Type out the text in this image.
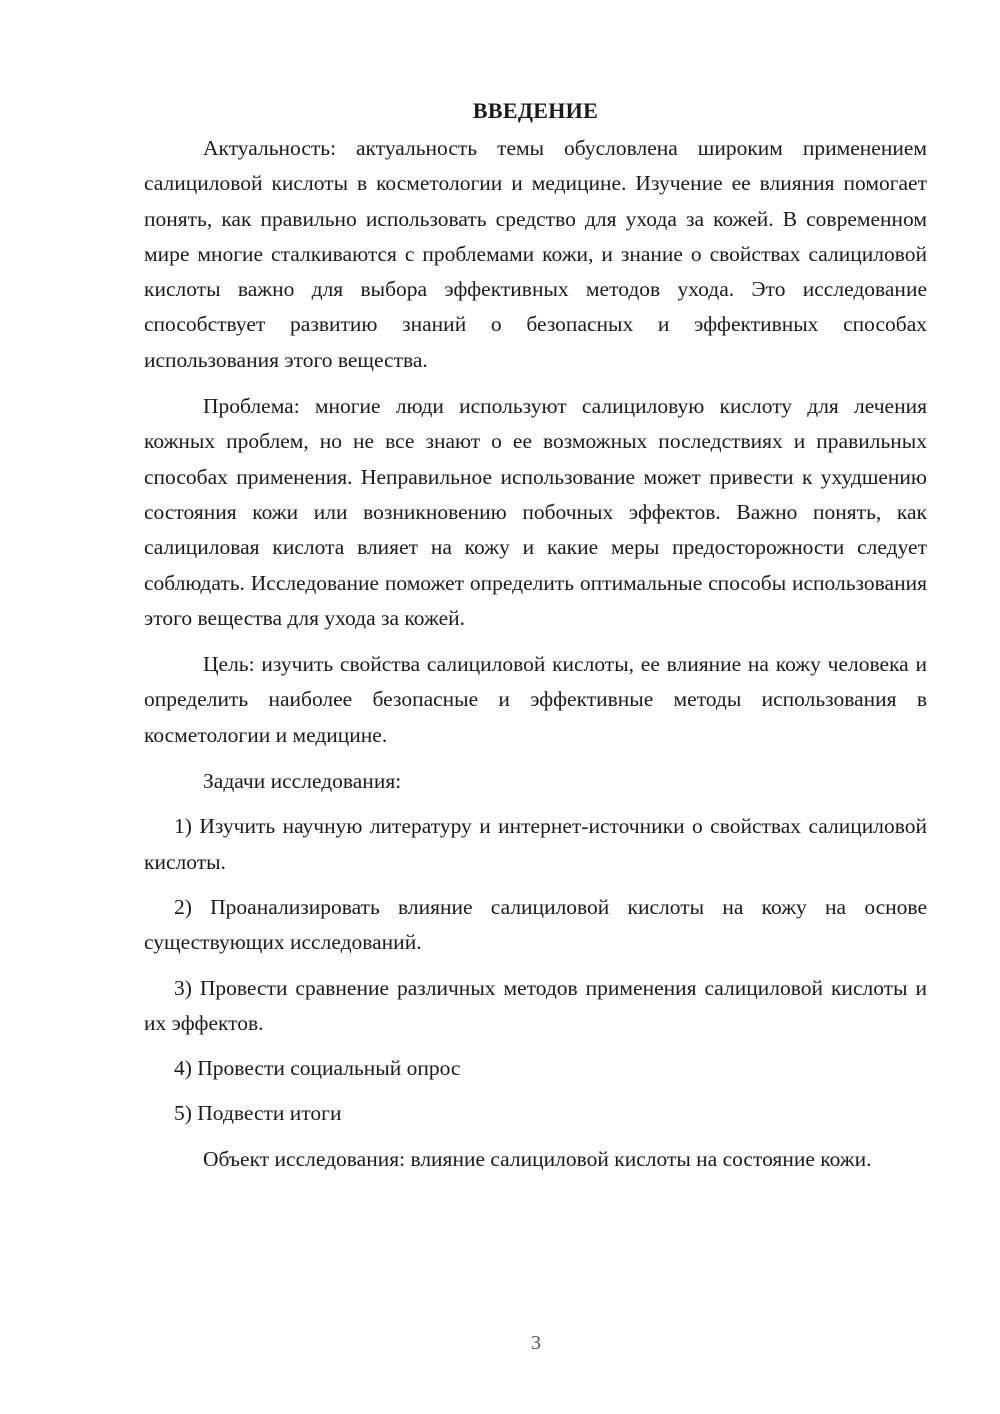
ВВЕДЕНИЕ

Актуальность: актуальность темы обусловлена широким применением салициловой кислоты в косметологии и медицине. Изучение ее влияния помогает понять, как правильно использовать средство для ухода за кожей. В современном мире многие сталкиваются с проблемами кожи, и знание о свойствах салициловой кислоты важно для выбора эффективных методов ухода. Это исследование способствует развитию знаний о безопасных и эффективных способах использования этого вещества.

Проблема: многие люди используют салициловую кислоту для лечения кожных проблем, но не все знают о ее возможных последствиях и правильных способах применения. Неправильное использование может привести к ухудшению состояния кожи или возникновению побочных эффектов. Важно понять, как салициловая кислота влияет на кожу и какие меры предосторожности следует соблюдать. Исследование поможет определить оптимальные способы использования этого вещества для ухода за кожей.

Цель: изучить свойства салициловой кислоты, ее влияние на кожу человека и определить наиболее безопасные и эффективные методы использования в косметологии и медицине.

Задачи исследования:

1) Изучить научную литературу и интернет-источники о свойствах салициловой кислоты.

2) Проанализировать влияние салициловой кислоты на кожу на основе существующих исследований.

3) Провести сравнение различных методов применения салициловой кислоты и их эффектов.

4) Провести социальный опрос

5) Подвести итоги

Объект исследования: влияние салициловой кислоты на состояние кожи.

3
